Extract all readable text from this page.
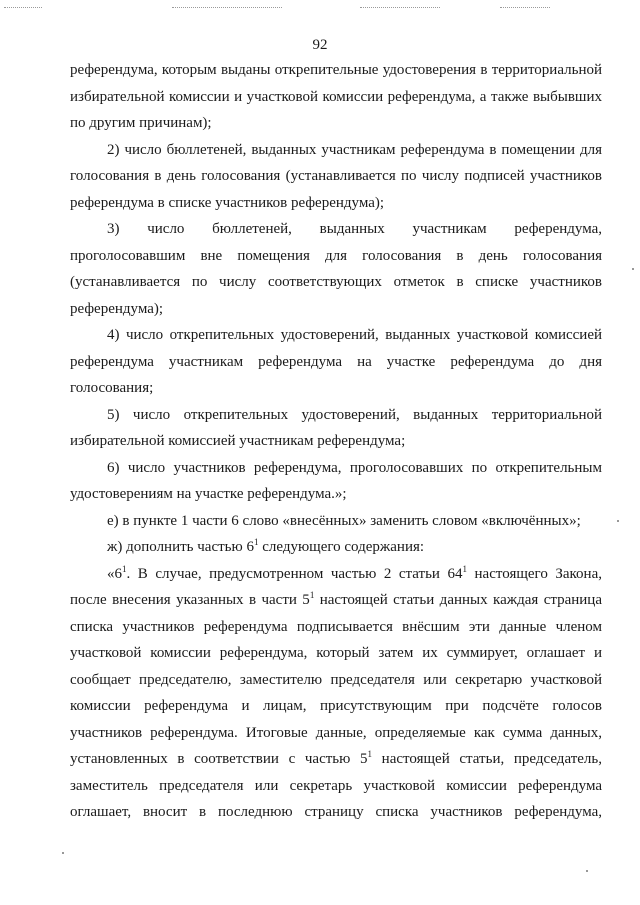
92

референдума, которым выданы открепительные удостоверения в территориальной
избирательной комиссии и участковой комиссии референдума, а также выбывших
по другим причинам);

2) число бюллетеней, выданных участникам референдума в помещении для
голосования в день голосования (устанавливается по числу подписей участников
референдума в списке участников референдума);

3) число бюллетеней, выданных участникам референдума,
проголосовавшим вне помещения для голосования в день голосования
(устанавливается по числу соответствующих отметок в списке участников
референдума);

4) число открепительных удостоверений, выданных участковой комиссией
референдума участникам референдума на участке референдума до дня
голосования;

5) число открепительных удостоверений, выданных территориальной
избирательной комиссией участникам референдума;

6) число участников референдума, проголосовавших по открепительным
удостоверениям на участке референдума.»;

е) в пункте 1 части 6 слово «внесённых» заменить словом «включённых»;

ж) дополнить частью $6^1$ следующего содержания:

«$6^1$. В случае, предусмотренном частью 2 статьи $64^1$ настоящего Закона,
после внесения указанных в части $5^1$ настоящей статьи данных каждая страница
списка участников референдума подписывается внёсшим эти данные членом
участковой комиссии референдума, который затем их суммирует, оглашает и
сообщает председателю, заместителю председателя или секретарю участковой
комиссии референдума и лицам, присутствующим при подсчёте голосов
участников референдума. Итоговые данные, определяемые как сумма данных,
установленных в соответствии с частью $5^1$ настоящей статьи, председатель,
заместитель председателя или секретарь участковой комиссии референдума
оглашает, вносит в последнюю страницу списка участников референдума,
